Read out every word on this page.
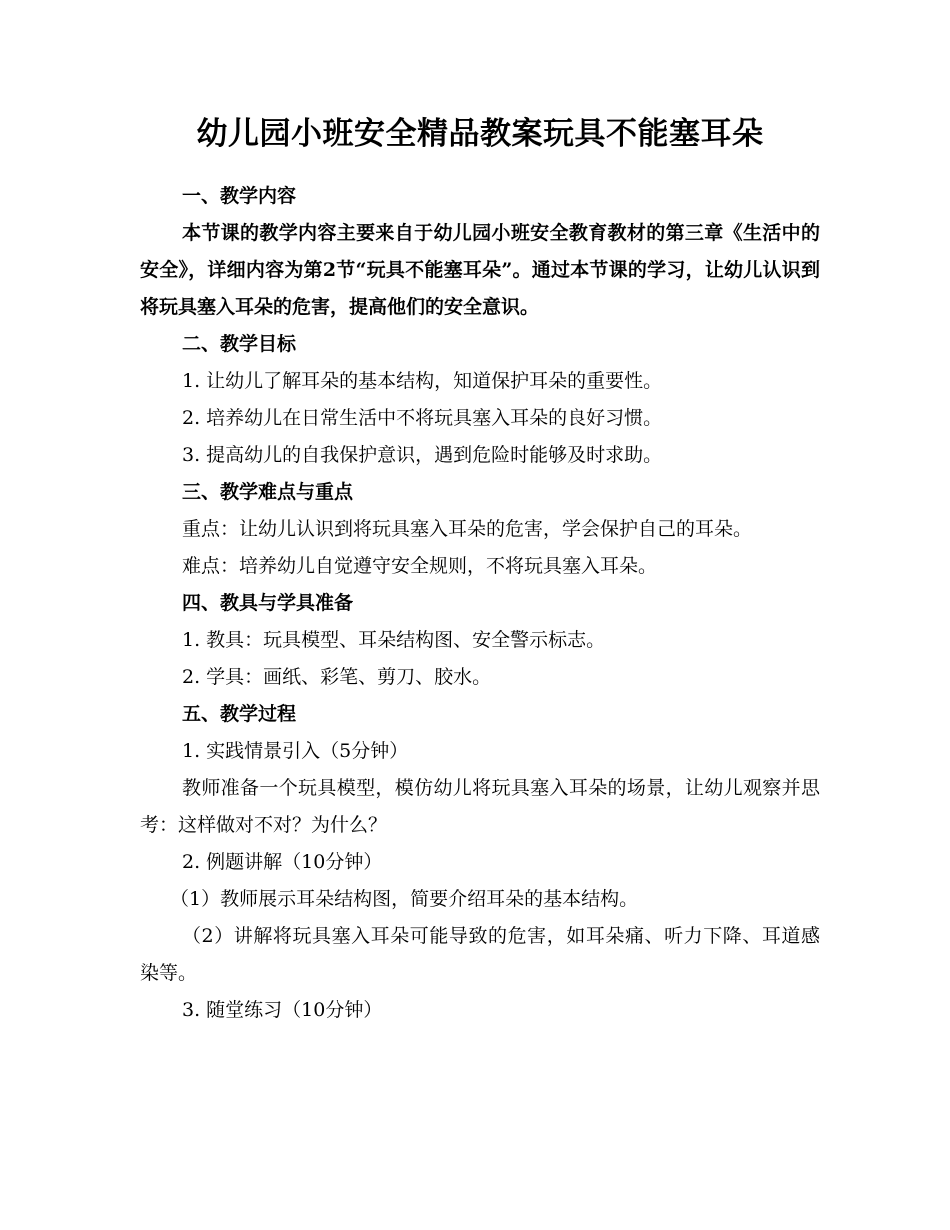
幼儿园小班安全精品教案玩具不能塞耳朵

一、教学内容

本节课的教学内容主要来自于幼儿园小班安全教育教材的第三章《生活中的安全》，详细内容为第2节“玩具不能塞耳朵”。通过本节课的学习，让幼儿认识到将玩具塞入耳朵的危害，提高他们的安全意识。

二、教学目标

1. 让幼儿了解耳朵的基本结构，知道保护耳朵的重要性。

2. 培养幼儿在日常生活中不将玩具塞入耳朵的良好习惯。

3. 提高幼儿的自我保护意识，遇到危险时能够及时求助。

三、教学难点与重点

重点：让幼儿认识到将玩具塞入耳朵的危害，学会保护自己的耳朵。

难点：培养幼儿自觉遵守安全规则，不将玩具塞入耳朵。

四、教具与学具准备

1. 教具：玩具模型、耳朵结构图、安全警示标志。

2. 学具：画纸、彩笔、剪刀、胶水。

五、教学过程

1. 实践情景引入（5分钟）

教师准备一个玩具模型，模仿幼儿将玩具塞入耳朵的场景，让幼儿观察并思考：这样做对不对？为什么？

2. 例题讲解（10分钟）

（1）教师展示耳朵结构图，简要介绍耳朵的基本结构。

（2）讲解将玩具塞入耳朵可能导致的危害，如耳朵痛、听力下降、耳道感染等。

3. 随堂练习（10分钟）
